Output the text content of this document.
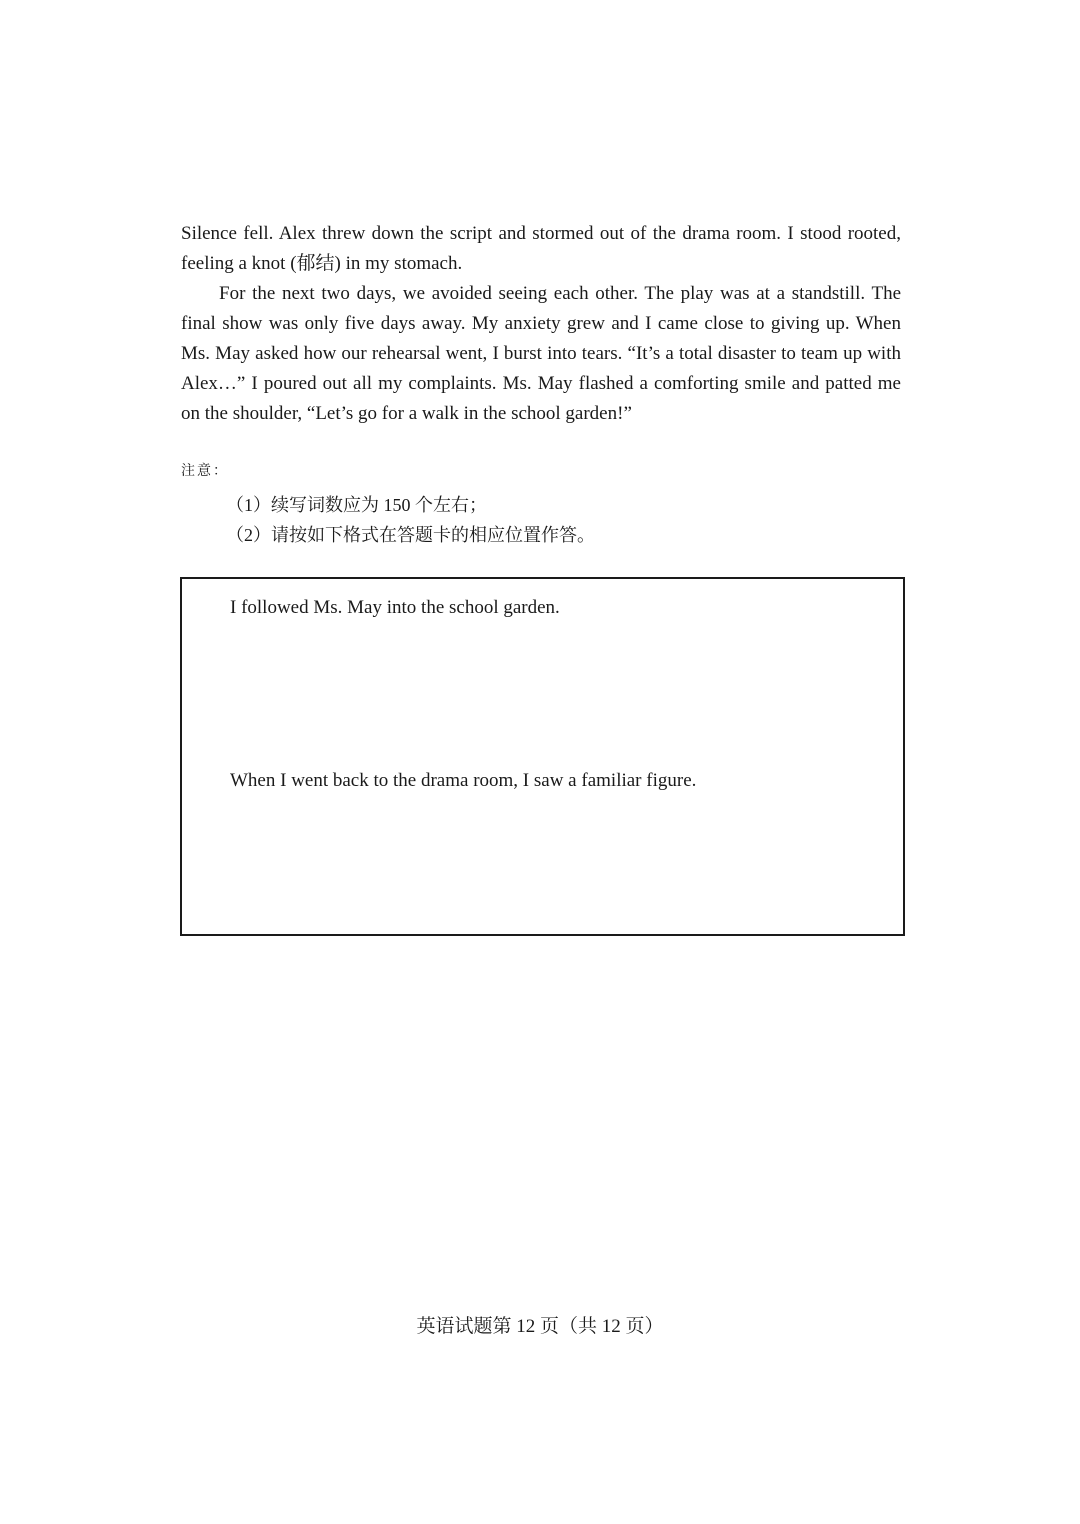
Silence fell. Alex threw down the script and stormed out of the drama room. I stood rooted, feeling a knot (郁结) in my stomach.

For the next two days, we avoided seeing each other. The play was at a standstill. The final show was only five days away. My anxiety grew and I came close to giving up. When Ms. May asked how our rehearsal went, I burst into tears. “It’s a total disaster to team up with Alex…” I poured out all my complaints. Ms. May flashed a comforting smile and patted me on the shoulder, “Let’s go for a walk in the school garden!”

注意：
（1）续写词数应为 150 个左右；
（2）请按如下格式在答题卡的相应位置作答。
I followed Ms. May into the school garden.
When I went back to the drama room, I saw a familiar figure.
英语试题第 12 页（共 12 页）
